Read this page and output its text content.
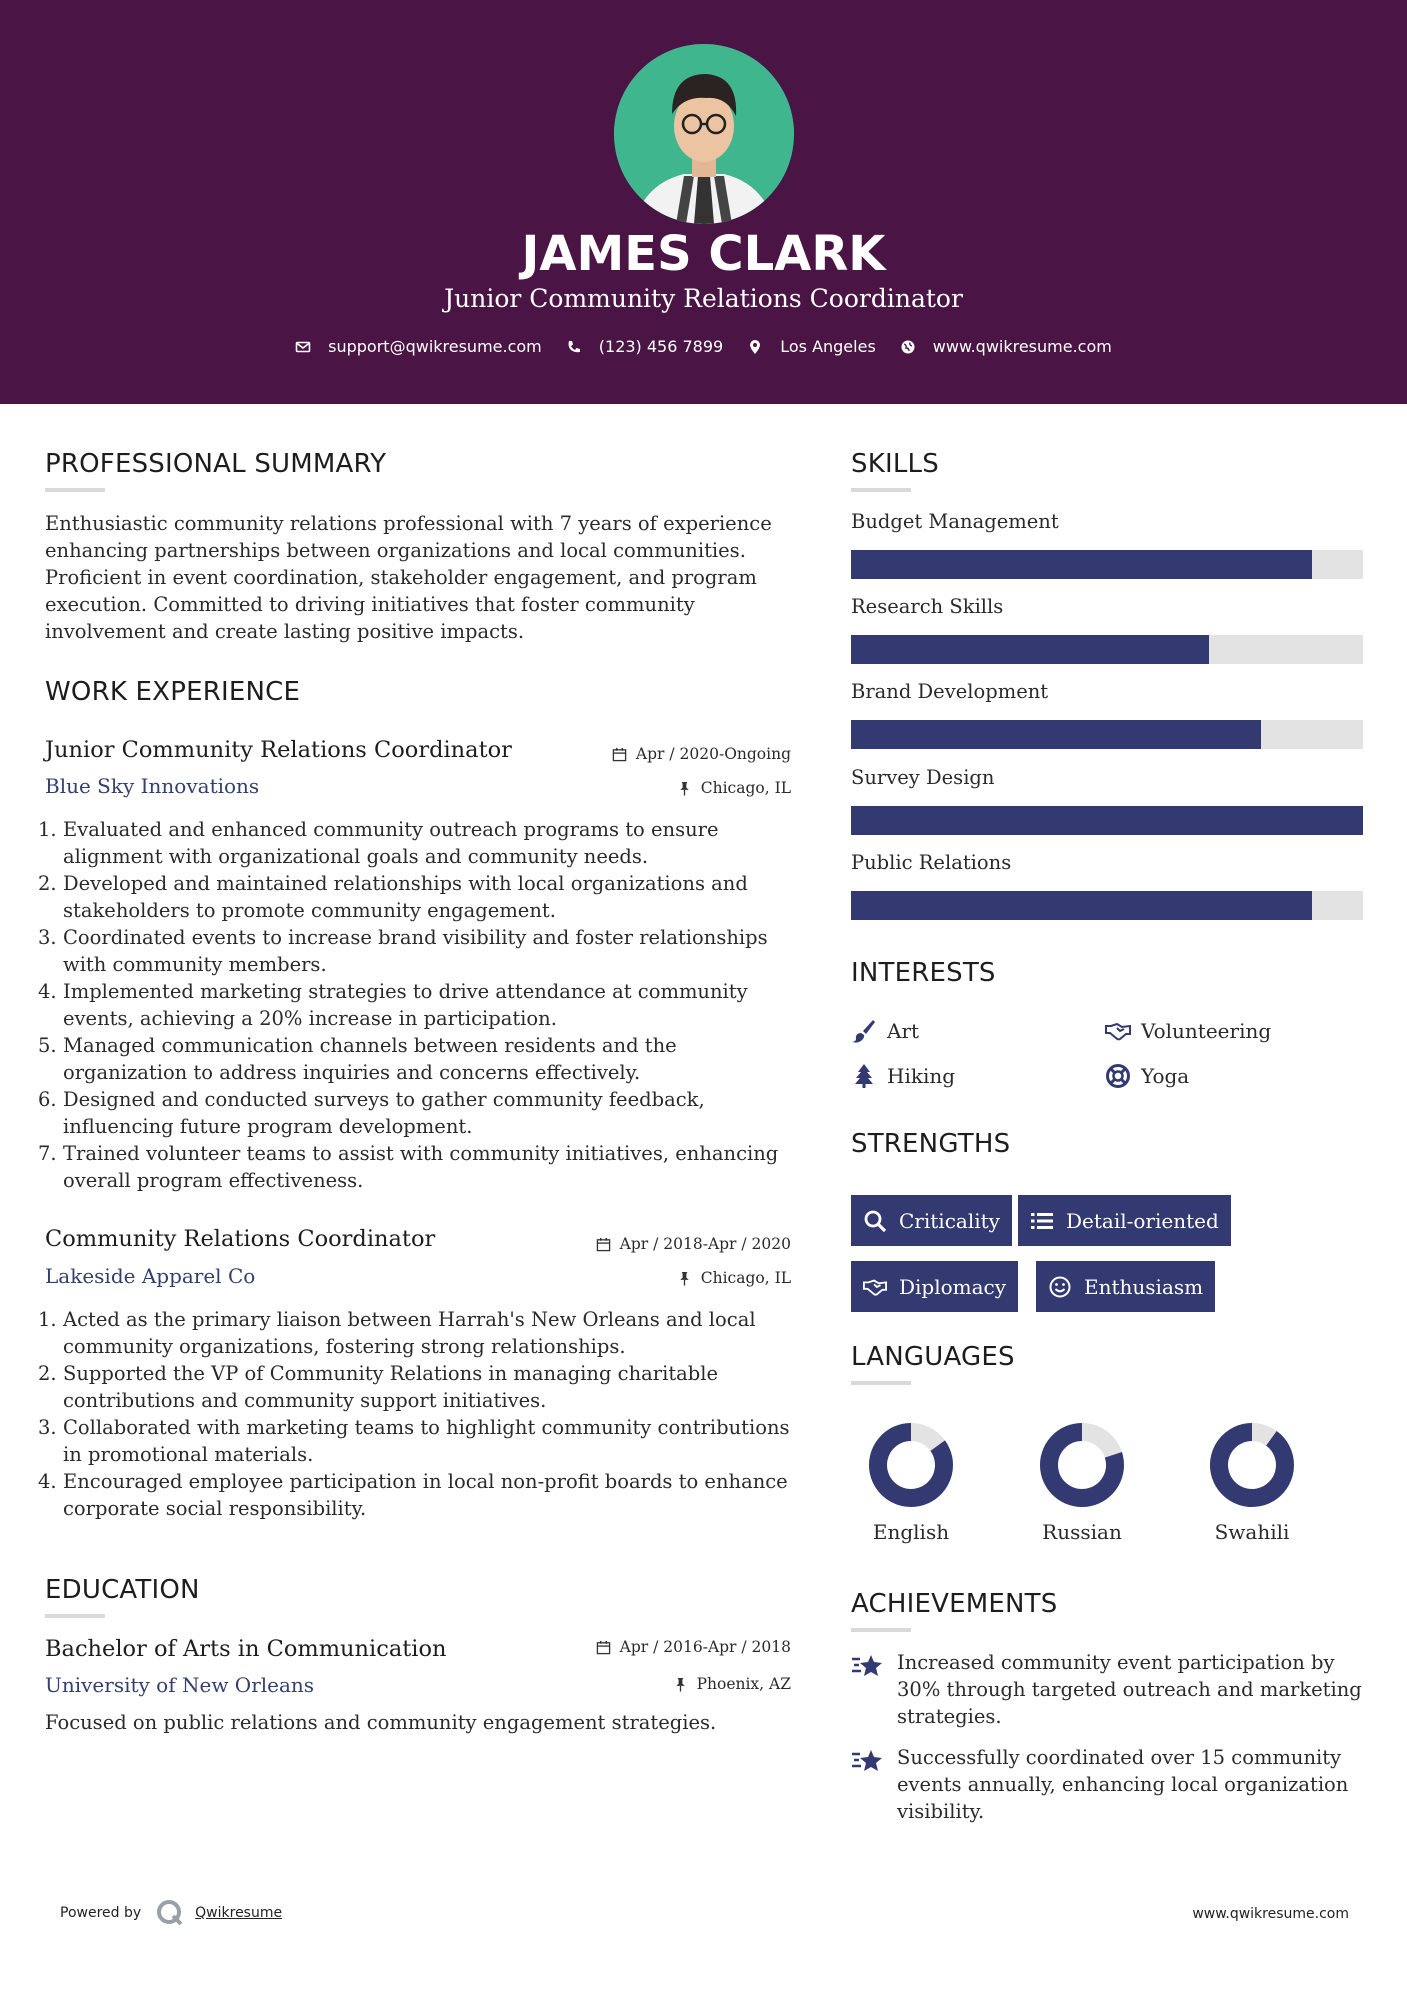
JAMES CLARK
Junior Community Relations Coordinator
support@qwikresume.com	(123) 456 7899	Los Angeles	www.qwikresume.com
PROFESSIONAL SUMMARY
Enthusiastic community relations professional with 7 years of experience enhancing partnerships between organizations and local communities. Proficient in event coordination, stakeholder engagement, and program execution. Committed to driving initiatives that foster community involvement and create lasting positive impacts.
WORK EXPERIENCE
Junior Community Relations Coordinator	Apr / 2020-Ongoing
Blue Sky Innovations	Chicago, IL
1. Evaluated and enhanced community outreach programs to ensure alignment with organizational goals and community needs.
2. Developed and maintained relationships with local organizations and stakeholders to promote community engagement.
3. Coordinated events to increase brand visibility and foster relationships with community members.
4. Implemented marketing strategies to drive attendance at community events, achieving a 20% increase in participation.
5. Managed communication channels between residents and the organization to address inquiries and concerns effectively.
6. Designed and conducted surveys to gather community feedback, influencing future program development.
7. Trained volunteer teams to assist with community initiatives, enhancing overall program effectiveness.
Community Relations Coordinator	Apr / 2018-Apr / 2020
Lakeside Apparel Co	Chicago, IL
1. Acted as the primary liaison between Harrah's New Orleans and local community organizations, fostering strong relationships.
2. Supported the VP of Community Relations in managing charitable contributions and community support initiatives.
3. Collaborated with marketing teams to highlight community contributions in promotional materials.
4. Encouraged employee participation in local non-profit boards to enhance corporate social responsibility.
EDUCATION
Bachelor of Arts in Communication	Apr / 2016-Apr / 2018
University of New Orleans	Phoenix, AZ
Focused on public relations and community engagement strategies.
SKILLS
Budget Management
Research Skills
Brand Development
Survey Design
Public Relations
INTERESTS
Art	Volunteering
Hiking	Yoga
STRENGTHS
Criticality	Detail-oriented
Diplomacy	Enthusiasm
LANGUAGES
English	Russian	Swahili
ACHIEVEMENTS
Increased community event participation by 30% through targeted outreach and marketing strategies.
Successfully coordinated over 15 community events annually, enhancing local organization visibility.
Powered by	Qwikresume	www.qwikresume.com
